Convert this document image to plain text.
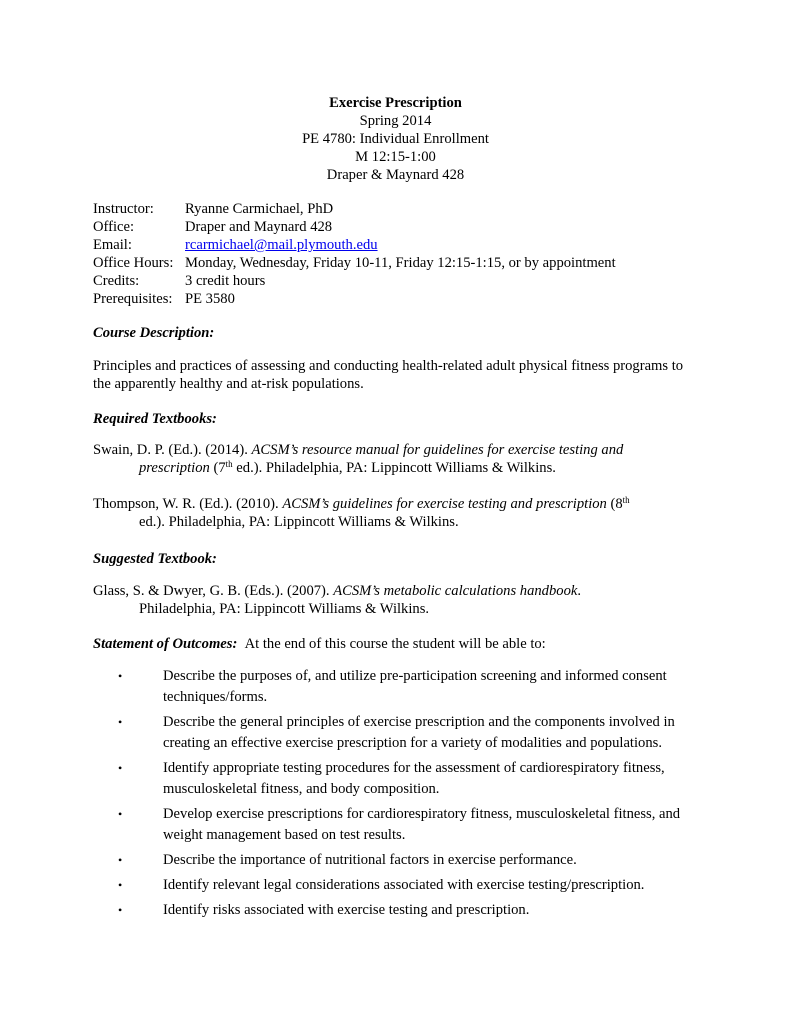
Exercise Prescription
Spring 2014
PE 4780: Individual Enrollment
M 12:15-1:00
Draper & Maynard 428
Instructor:	Ryanne Carmichael, PhD
Office:	Draper and Maynard 428
Email:	rcarmichael@mail.plymouth.edu
Office Hours: Monday, Wednesday, Friday 10-11, Friday 12:15-1:15, or by appointment
Credits:	3 credit hours
Prerequisites: PE 3580
Course Description:
Principles and practices of assessing and conducting health-related adult physical fitness programs to the apparently healthy and at-risk populations.
Required Textbooks:
Swain, D. P. (Ed.). (2014). ACSM’s resource manual for guidelines for exercise testing and
prescription (7th ed.). Philadelphia, PA: Lippincott Williams & Wilkins.
Thompson, W. R. (Ed.). (2010). ACSM’s guidelines for exercise testing and prescription (8th
ed.). Philadelphia, PA: Lippincott Williams & Wilkins.
Suggested Textbook:
Glass, S. & Dwyer, G. B. (Eds.). (2007). ACSM’s metabolic calculations handbook.
Philadelphia, PA: Lippincott Williams & Wilkins.
Statement of Outcomes: At the end of this course the student will be able to:
•	Describe the purposes of, and utilize pre-participation screening and informed consent techniques/forms.
•	Describe the general principles of exercise prescription and the components involved in creating an effective exercise prescription for a variety of modalities and populations.
•	Identify appropriate testing procedures for the assessment of cardiorespiratory fitness, musculoskeletal fitness, and body composition.
•	Develop exercise prescriptions for cardiorespiratory fitness, musculoskeletal fitness, and weight management based on test results.
•	Describe the importance of nutritional factors in exercise performance.
•	Identify relevant legal considerations associated with exercise testing/prescription.
•	Identify risks associated with exercise testing and prescription.
